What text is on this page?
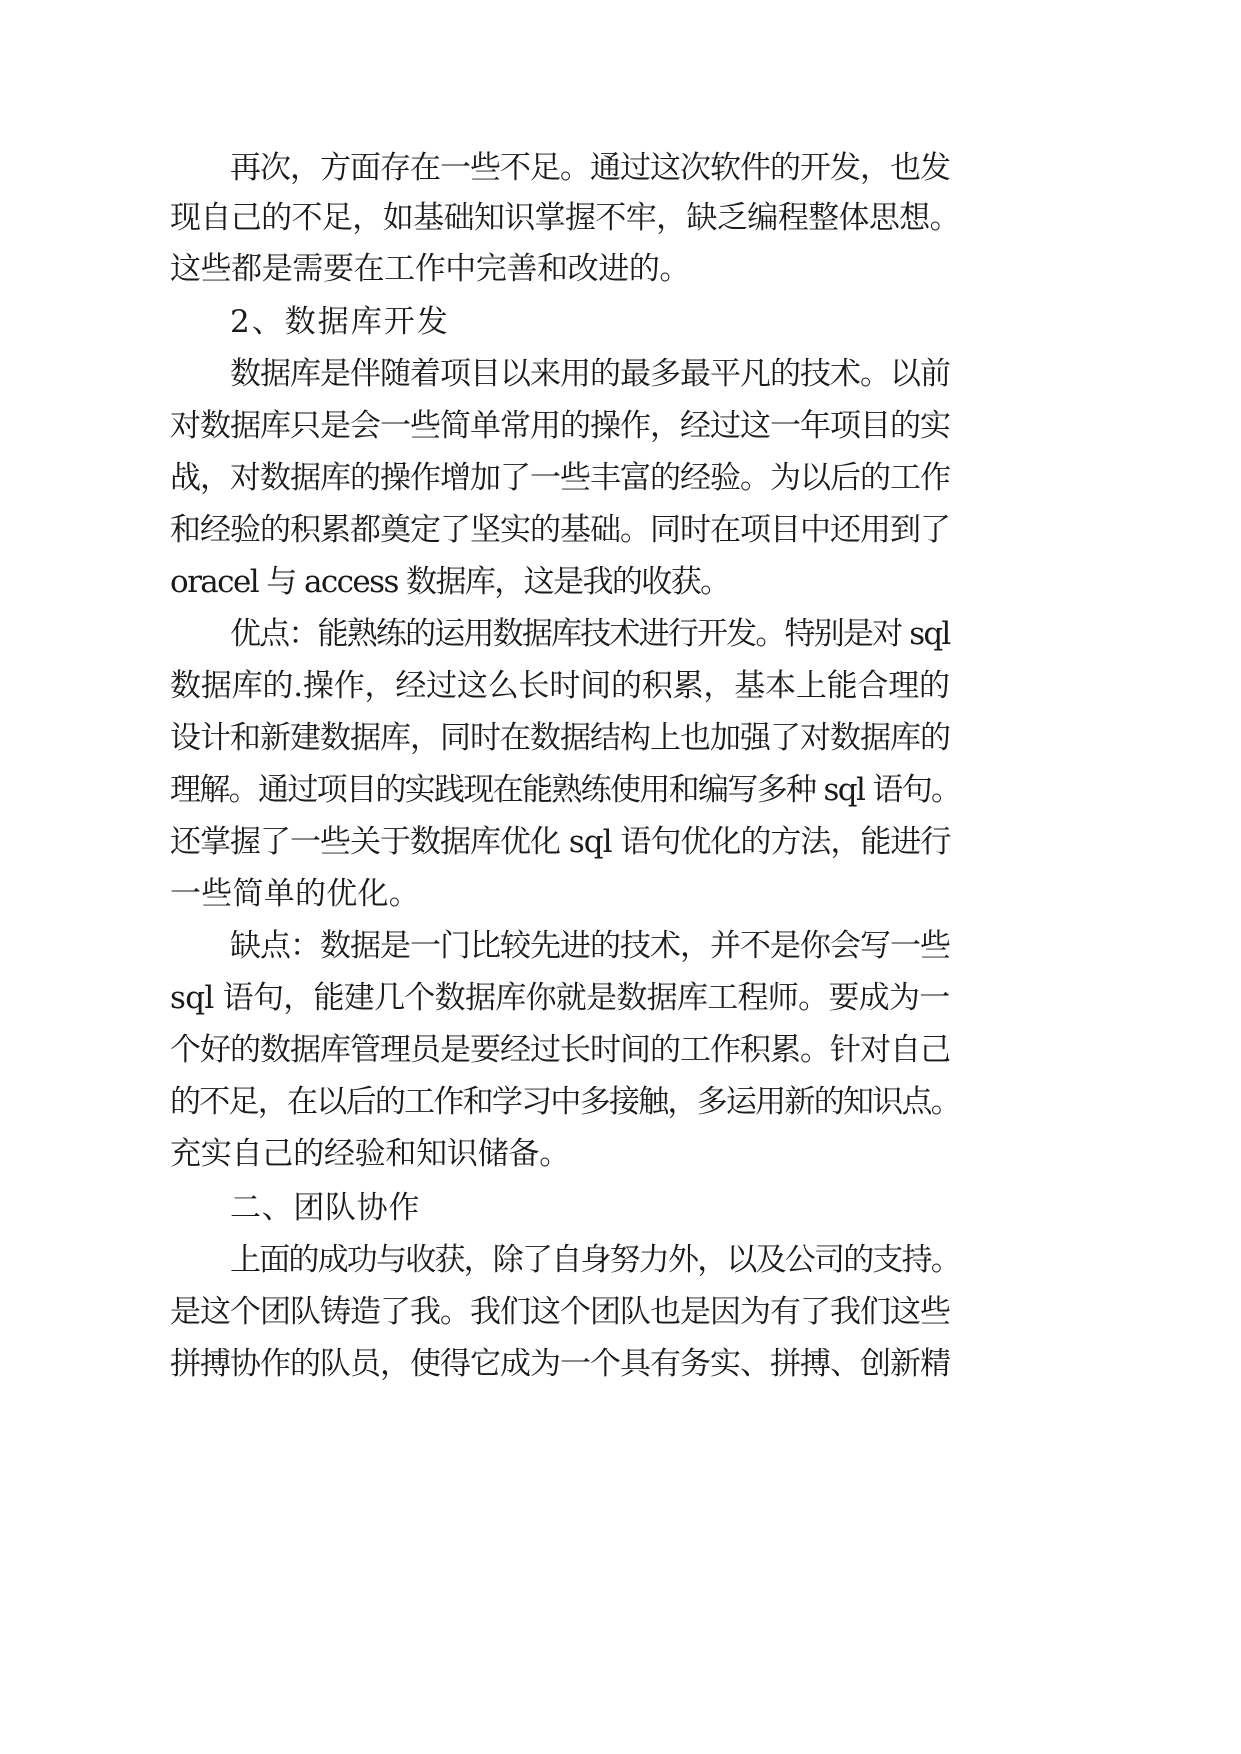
再次，方面存在一些不足。通过这次软件的开发，也发
现自己的不足，如基础知识掌握不牢，缺乏编程整体思想。
这些都是需要在工作中完善和改进的。
2、数据库开发
数据库是伴随着项目以来用的最多最平凡的技术。以前
对数据库只是会一些简单常用的操作，经过这一年项目的实
战，对数据库的操作增加了一些丰富的经验。为以后的工作
和经验的积累都奠定了坚实的基础。同时在项目中还用到了
oracel 与 access 数据库，这是我的收获。
优点：能熟练的运用数据库技术进行开发。特别是对 sql
数据库的.操作，经过这么长时间的积累，基本上能合理的
设计和新建数据库，同时在数据结构上也加强了对数据库的
理解。通过项目的实践现在能熟练使用和编写多种 sql 语句。
还掌握了一些关于数据库优化 sql 语句优化的方法，能进行
一些简单的优化。
缺点：数据是一门比较先进的技术，并不是你会写一些
sql 语句，能建几个数据库你就是数据库工程师。要成为一
个好的数据库管理员是要经过长时间的工作积累。针对自己
的不足，在以后的工作和学习中多接触，多运用新的知识点。
充实自己的经验和知识储备。
二、团队协作
上面的成功与收获，除了自身努力外，以及公司的支持。
是这个团队铸造了我。我们这个团队也是因为有了我们这些
拼搏协作的队员，使得它成为一个具有务实、拼搏、创新精
